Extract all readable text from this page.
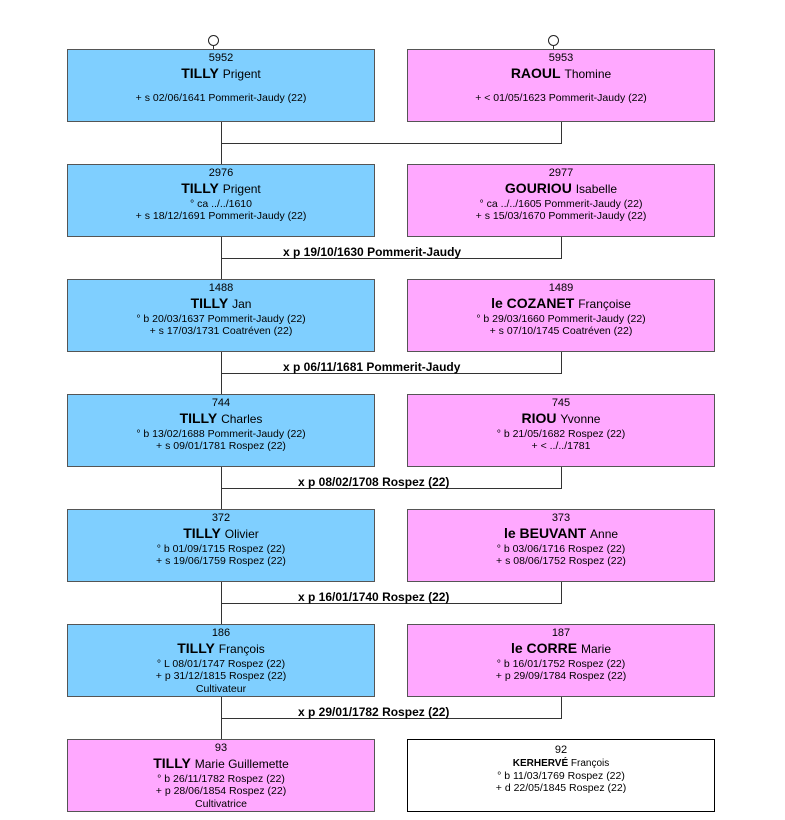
5952
TILLY Prigent
+ s 02/06/1641 Pommerit-Jaudy (22)
5953
RAOUL Thomine
+ < 01/05/1623 Pommerit-Jaudy (22)
2976
TILLY Prigent
° ca ../../1610
+ s 18/12/1691 Pommerit-Jaudy (22)
2977
GOURIOU Isabelle
° ca ../../1605 Pommerit-Jaudy (22)
+ s 15/03/1670 Pommerit-Jaudy (22)
x p 19/10/1630 Pommerit-Jaudy
1488
TILLY Jan
° b 20/03/1637 Pommerit-Jaudy (22)
+ s 17/03/1731 Coatréven (22)
1489
le COZANET Françoise
° b 29/03/1660 Pommerit-Jaudy (22)
+ s 07/10/1745 Coatréven (22)
x p 06/11/1681 Pommerit-Jaudy
744
TILLY Charles
° b 13/02/1688 Pommerit-Jaudy (22)
+ s 09/01/1781 Rospez (22)
745
RIOU Yvonne
° b 21/05/1682 Rospez (22)
+ < ../../1781
x p 08/02/1708 Rospez (22)
372
TILLY Olivier
° b 01/09/1715 Rospez (22)
+ s 19/06/1759 Rospez (22)
373
le BEUVANT Anne
° b 03/06/1716 Rospez (22)
+ s 08/06/1752 Rospez (22)
x p 16/01/1740 Rospez (22)
186
TILLY François
° L 08/01/1747 Rospez (22)
+ p 31/12/1815 Rospez (22)
Cultivateur
187
le CORRE Marie
° b 16/01/1752 Rospez (22)
+ p 29/09/1784 Rospez (22)
x p 29/01/1782 Rospez (22)
93
TILLY Marie Guillemette
° b 26/11/1782 Rospez (22)
+ p 28/06/1854 Rospez (22)
Cultivatrice
92
KERHERVÉ François
° b 11/03/1769 Rospez (22)
+ d 22/05/1845 Rospez (22)
